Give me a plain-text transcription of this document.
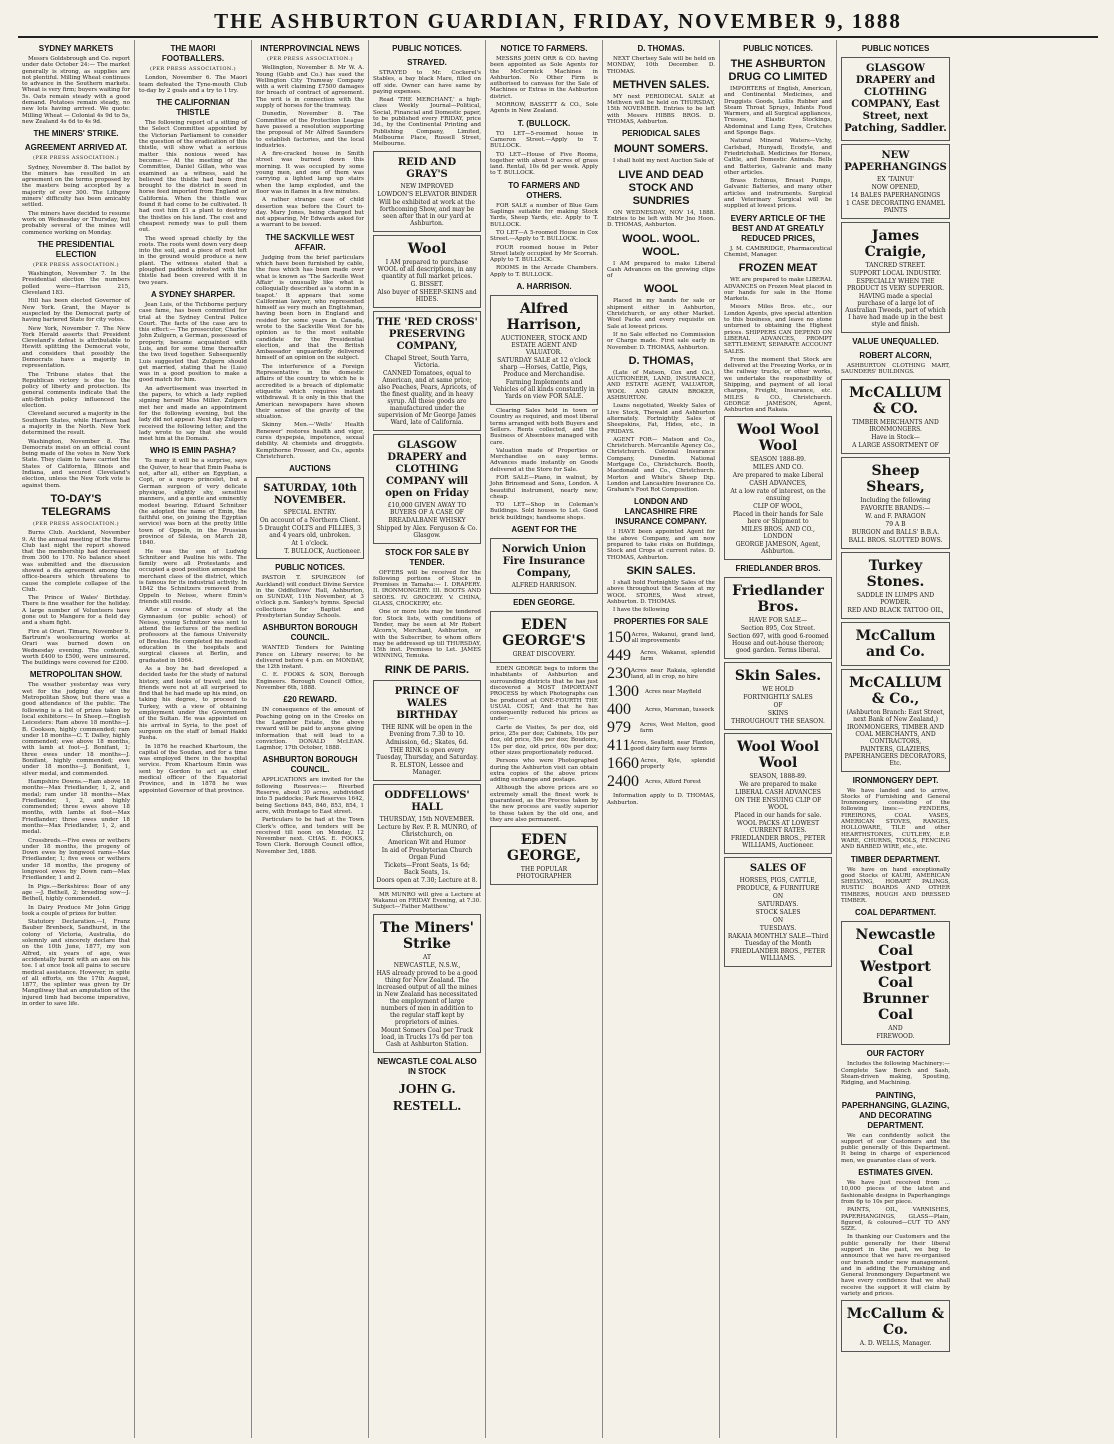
THE ASHBURTON GUARDIAN, FRIDAY, NOVEMBER 9, 1888
SYDNEY MARKETS

Messrs Goldsbrough and Co. report under date October 24:— The market generally is strong, as supplies are not plentiful. Milling Wheat continues to advance in the Southern markets. Wheat is very firm; buyers waiting for 5s. Oats remain steady with a good demand. Potatoes remain steady, no new lots having arrived. We quote: Milling Wheat — Colonial 4s 9d to 5s, new Zealand 4s 6d to 4s 9d.

THE MINERS' STRIKE.
AGREEMENT ARRIVED AT.
(PER PRESS ASSOCIATION.)

Sydney, November 8. The ballot by the miners has resulted in an agreement on the terms proposed by the masters being accepted by a majority of over 300. The Lithgow miners' difficulty has been amicably settled.

The miners have decided to resume work on Wednesday or Thursday, but probably several of the mines will commence working on Monday.

THE PRESIDENTIAL ELECTION
(PER PRESS ASSOCIATION.)

Washington, November 7. In the Presidential election the numbers polled were—Harrison 215, Cleveland 183.

Hill has been elected Governor of New York. Grant, the Mayor is suspected by the Democrat party of having bartered State for city votes.

New York, November 7. The New York Herald asserts that President Cleveland's defeat is attributable to Hewitt splitting the Democrat vote, and considers that possibly the Democrats have a majority in representation.

The Tribune states that the Republican victory is due to the policy of liberty and protection. Its general comments indicate that the anti-British policy influenced the election.

Cleveland secured a majority in the Southern States, while Harrison had a majority in the North. New York determined the result.

Washington, November 8. The Democrats insist on an official count being made of the votes in New York State. They claim to have carried the States of California, Illinois and Indiana, and secured Cleveland's election, unless the New York vote is against them.

TO-DAY'S TELEGRAMS
(PER PRESS ASSOCIATION.)

Burns Club. Auckland, November 9. At the annual meeting of the Burns Club last night the report showed that the membership had decreased from 300 to 170. No balance sheet was submitted and the discussion showed a dis agreement among the office-bearers which threatens to cause the complete collapse of the Club.

The Prince of Wales' Birthday. There is fine weather for the holiday. A large number of Volunteers have gone out to Mangere for a field day and a sham fight.

Fire at Orari. Timaru, November 9. Bartrum's woolscouring works at Orari was burned down on Wednesday evening. The contents, worth £400 to £500, were uninsured. The buildings were covered for £200.

METROPOLITAN SHOW.

The weather yesterday was very wet for the judging day of the Metropolitan Show, but there was a good attendance of the public. The following is a list of prizes taken by local exhibitors:— In Sheep.—English Leicesters: Ram above 18 months—J. B. Cookson, highly commended; ram under 18 months—C. T. Dalley, highly commended; ewe above 18 months, with lamb at foot—J. Bonifant, 1; three ewes under 18 months—J. Bonifant, highly commended; ewe under 18 months—J. Bonifant, 1, silver medal, and commended.

Hampshire Downs.—Ram above 18 months—Max Friedlander, 1, 2, and medal; ram under 18 months—Max Friedlander, 1, 2, and highly commended; three ewes above 18 months, with lambs at foot—Max Friedlander; three ewes under 18 months—Max Friedlander, 1, 2, and medal.

Crossbreds.—Five ewes or wethers under 18 months, the progeny of Down ewes by longwool rams—Max Friedlander, 1; five ewes or wethers under 18 months, the progeny of longwool ewes by Down ram—Max Friedlander, 1 and 2.

In Pigs.—Berkshires: Boar of any age —J. Bethell, 2; breeding sow—J. Bethell, highly commended.

In Dairy Produce Mr John Grigg took a couple of prizes for butter.

Statutory Declaration.—I, Franz Bauber Brenbeck, Sandhurst, in the colony of Victoria, Australia, do solemnly and sincerely declare that on the 10th June, 1877, my son Alfred, six years of age, was accidentally burnt with an axe on his toe. I at once took all pains to secure medical assistance. However, in spite of all efforts, on the 17th August, 1877, the splinter was given by Dr Mangiliway that an amputation of the injured limb had become imperative, in order to save life.

THE MAORI FOOTBALLERS.
(PER PRESS ASSOCIATION.)

London, November 6. The Maori team defeated the Tyne-mouth Club to-day by 2 goals and a try to 1 try.

THE CALIFORNIAN THISTLE

The following report of a sitting of the Select Committee appointed by the Victorian Parliament to consider the question of the eradication of this thistle, will show what a serious matter this noxious weed has become:— At the meeting of the Committee, Daniel Gillan, who was examined as a witness, said he believed the thistle had been first brought to the district in seed in horse feed imported from England or California. When the thistle was found it had come to be cultivated. It had cost him £1 a plant to destroy the thistles on his land. The cost and cheapest remedy was to pull them out.

The weed spread chiefly by the roots. The roots went down very deep into the soil, and a piece of root left in the ground would produce a new plant. The witness stated that a ploughed paddock infested with the thistle had been covered with it in two years.

A SYDNEY SHARPER.

Jean Luis, of the Tichborne perjury case fame, has been committed for trial at the Sydney Central Police Court. The facts of the case are to this effect:— The prosecutor, Charles John Zulgern, a German, possessed of property, became acquainted with Luis, and for some time thereafter the two lived together. Subsequently Luis suggested that Zulgern should get married, stating that he (Luis) was in a good position to make a good match for him.

An advertisement was inserted in the papers, to which a lady replied signing herself Miss Miller. Zulgern met her and made an appointment for the following evening, but the lady did not appear. Next day Zulgern received the following letter, and the lady wrote to say that she would meet him at the Domain.

WHO IS EMIN PASHA?

To many it will be a surprise, says the Quiver, to hear that Emin Pasha is not, after all, either an Egyptian, a Copt, or a negro princelet, but a German surgeon of very delicate physique, slightly shy, sensitive manners, and a gentle and eminently modest bearing. Eduard Schnitzer (he adopted the name of Emin, the faithful one, on joining the Egyptian service) was born at the pretty little town of Oppeln, in the Prussian province of Silesia, on March 28, 1840.

He was the son of Ludwig Schnitzer and Pauline his wife. The family were all Protestants and occupied a good position amongst the merchant class of the district, which is famous for its industrial activity. In 1842 the Schnitzers removed from Oppeln to Neisse, where Emin's friends still reside.

After a course of study at the Gymnasium (or public school) of Neisse, young Schnitzer was sent to attend the lectures of the medical professors at the famous University of Breslau. He completed his medical education in the hospitals and surgical classes at Berlin, and graduated in 1864.

As a boy he had developed a decided taste for the study of natural history, and looks of travel; and his friends were not at all surprised to find that he had made up his mind, on taking his degree, to proceed to Turkey, with a view of obtaining employment under the Government of the Sultan. He was appointed on his arrival in Syria, to the post of surgeon on the staff of Ismail Hakki Pasha.

In 1876 he reached Khartoum, the capital of the Soudan, and for a time was employed there in the hospital service. From Khartoum Emin was sent by Gordon to act as chief medical officer of the Equatorial Province, and in 1878 he was appointed Governor of that province.

INTERPROVINCIAL NEWS
(PER PRESS ASSOCIATION.)

Wellington, November 8. Mr W. A. Young (Gubb and Co.) has sued the Wellington City Tramway Company with a writ claiming £7500 damages for breach of contract of agreement. The writ is in connection with the supply of horses for the tramway.

Dunedin, November 8. The Committee of the Protection League have passed a resolution supporting the proposal of Mr Alfred Saunders to establish factories, and the local industries.

A fire-cracked house in Smith street was burned down this morning. It was occupied by some young men, and one of them was carrying a lighted lamp up stairs when the lamp exploded, and the floor was in flames in a few minutes.

A rather strange case of child desertion was before the Court to-day. Mary Jones, being charged but not appearing, Mr Edwards asked for a warrant to be issued.

THE SACKVILLE WEST AFFAIR.

Judging from the brief particulars which have been furnished by cable, the fuss which has been made over what is known as 'The Sackville West Affair' is unusually like what is colloquially described as 'a storm in a teapot.' It appears that some Californian lawyer, who represented himself as very much an Englishman, having been born in England and resided for some years in Canada, wrote to the Sackville West for his opinion as to the most suitable candidate for the Presidential election, and that the British Ambassador unguardedly delivered himself of an opinion on the subject.

The interference of a Foreign Representative in the domestic affairs of the country to which he is accredited is a breach of diplomatic etiquette which requires instant withdrawal. It is only in this that the American newspapers have shown their sense of the gravity of the situation.

Skinny Men.—'Wells' Health Renewer' restores health and vigor, cures dyspepsia, impotence, sexual debility. At chemists and druggists. Kempthorne Prosser, and Co., agents Christchurch.

AUCTIONS
SATURDAY, 10th NOVEMBER.
SPECIAL ENTRY.
On account of a Northern Client.
5 Draught COLTS and FILLIES, 3 and 4 years old, unbroken.
At 1 o'clock.
T. BULLOCK, Auctioneer.
PUBLIC NOTICES.

PASTOR T. SPURGEON (of Auckland) will conduct Divine Service in the Oddfellows' Hall, Ashburton, on SUNDAY, 11th November, at 3 o'clock p.m. Sankey's hymns. Special collections for Baptist and Presbyterian Sunday Schools.

ASHBURTON BOROUGH COUNCIL.

WANTED Tenders for Painting Fence on Library reserve; to be delivered before 4 p.m. on MONDAY, the 12th instant.

C. E. FOOKS & SON, Borough Engineers. Borough Council Office, November 6th, 1888.

£20 REWARD.

IN consequence of the amount of Poaching going on in the Creeks on the Lagmhor Estate, the above reward will be paid to anyone giving information that will lead to a conviction. DONALD McLEAN. Lagmhor, 17th October, 1888.

ASHBURTON BOROUGH COUNCIL.

APPLICATIONS are invited for the following Reserves:— Riverbed Reserve, about 30 acres, subdivided into 5 paddocks; Park Reserves 1642, being Sections 845, 846, 853, 854, 1 acre, with frontage to East street.

Particulars to be had at the Town Clerk's office, and tenders will be received till noon on Monday, 12 November next. CHAS. E. FOOKS, Town Clerk. Borough Council office, November 3rd, 1888.

PUBLIC NOTICES.
STRAYED.

STRAYED to Mr. Cockerel's Stables, a bay black Mare, filled on off side. Owner can have same by paying expenses.

Read 'THE MERCHANT,' a high-class Weekly Journal—Political, Social, Financial and Domestic paper, to be published every FRIDAY, price 3d., by the Continental Printing and Publishing Company, Limited, Melbourne Place, Russell Street, Melbourne.

REID AND GRAY'S
NEW IMPROVED
LOWDON'S ELEVATOR BINDER
Will be exhibited at work at the forthcoming Show, and may be seen after that in our yard at Ashburton.
Wool
I AM prepared to purchase WOOL of all descriptions, in any quantity at full market prices.
G. BISSET.
Also buyer of SHEEP-SKINS and HIDES.
THE 'RED CROSS' PRESERVING COMPANY,
Chapel Street, South Yarra, Victoria.
CANNED Tomatoes, equal to American, and at same price; also Peaches, Pears, Apricots, of the finest quality, and in heavy syrup. All these goods are manufactured under the supervision of Mr George James Ward, late of California.
GLASGOW DRAPERY and CLOTHING COMPANY will open on Friday
£10,000 GIVEN AWAY TO BUYERS OF A CASE OF
BREADALBANE WHISKY
Shipped by Alex. Ferguson & Co. Glasgow.
STOCK FOR SALE BY TENDER.

OFFERS will be received for the following portions of Stock in Premises in Tamaha:— I. DRAPERY. II. IRONMONGERY. III. BOOTS AND SHOES. IV. GROCERY. V. CHINA, GLASS, CROCKERY, etc.

One or more lots may be tendered for. Stock lists, with conditions of Tender, may be seen at Mr Robert Alcorn's, Merchant, Ashburton, or with the Subscriber, to whom offers may be addressed up till THURSDAY, 15th inst. Premises to Let. JAMES WINNING, Temuka.

RINK DE PARIS.
PRINCE OF WALES BIRTHDAY
THE RINK will be open in the Evening from 7.30 to 10.
Admission, 6d.; Skates, 6d.
THE RINK is open every Tuesday, Thursday, and Saturday.
R. ELSTON, Lessee and Manager.
ODDFELLOWS' HALL
THURSDAY, 15th NOVEMBER.
Lecture by Rev. P. R. MUNRO, of Christchurch, on
American Wit and Humor
In aid of Presbyterian Church Organ Fund
Tickets—Front Seats, 1s 6d; Back Seats, 1s.
Doors open at 7.30; Lecture at 8.

MR MUNRO will give a Lecture at Wakanui on FRIDAY Evening, at 7.30. Subject—'Father Matthew.'

The Miners' Strike
AT
NEWCASTLE, N.S.W.,
HAS already proved to be a good thing for New Zealand. The increased output of all the mines in New Zealand has necessitated the employment of large numbers of men in addition to the regular staff kept by proprietors of mines.
Mount Somers Coal per Truck load, in Trucks 17s 6d per ton Cash at Ashburton Station.
NEWCASTLE COAL ALSO IN STOCK
JOHN G. RESTELL.
NOTICE TO FARMERS.

MESSRS JOHN ORR & CO. having been appointed as Sole Agents for the McCormick Machines in Ashburton. No Other Firm is authorised to canvass for the Sale of Machines or Extras in the Ashburton district.

MORROW, BASSETT & CO., Sole Agents in New Zealand.

T. (BULLOCK.

TO LET—5-roomed house in Cameron Street.—Apply to T. BULLOCK.

TO LET—House of Five Rooms, together with about 9 acres of grass land. Rental, 10s 6d per week. Apply to T. BULLOCK.

TO FARMERS AND OTHERS.

FOR SALE a number of Blue Gum Saplings suitable for making Stock Yards, Sheep Yards, etc. Apply to T. BULLOCK.

TO LET—A 5-roomed House in Cox Street.—Apply to T. BULLOCK.

FOUR roomed house in Peter Street lately occupied by Mr Scorrah. Apply to T. BULLOCK.

ROOMS in the Arcade Chambers. Apply to T. BULLOCK.

A. HARRISON.
Alfred Harrison,
AUCTIONEER, STOCK AND ESTATE AGENT AND VALUATOR.
SATURDAY SALE at 12 o'clock sharp —Horses, Cattle, Pigs, Produce and Merchandise.
Farming Implements and Vehicles of all kinds constantly in Yards on view FOR SALE.

Clearing Sales held in town or Country as required, and most liberal terms arranged with both Buyers and Sellers. Rents collected, and the Business of Absentees managed with care.

Valuation made of Properties or Merchandise on easy terms. Advances made instantly on Goods delivered at the Store for Sale.

FOR SALE—Piano, in walnut, by John Brinsmead and Sons, London. A beautiful instrument, nearly new; cheap.

TO LET—Shop in Coleman's Buildings. Sold houses to Let. Good brick buildings; handsome shops.

AGENT FOR THE
Norwich Union Fire Insurance Company,
ALFRED HARRISON.
EDEN GEORGE.
EDEN GEORGE'S
GREAT DISCOVERY.

EDEN GEORGE begs to inform the inhabitants of Ashburton and surrounding districts that he has just discovered a MOST IMPORTANT PROCESS by which Photographs can be produced at ONE-FOURTH THE USUAL COST, And that he has consequently reduced his prices as under:—

Carte de Visites, 5s per doz, old price, 25s per doz; Cabinets, 10s per doz, old price, 50s per doz; Boudoirs, 15s per doz, old price, 60s per doz; other sizes proportionately reduced.

Persons who were Photographed during the Ashburton visit can obtain extra copies of the above prices adding exchange and postage.

Although the above prices are so extremely small the finest work is guaranteed, as the Process taken by the new process are vastly superior to those taken by the old one, and they are also permanent.

EDEN GEORGE,
THE POPULAR PHOTOGRAPHER
D. THOMAS.

NEXT Chertsey Sale will be held on MONDAY, 10th December. D. THOMAS.

METHVEN SALES.

MY next PERIODICAL SALE at Methven will be held on THURSDAY, 15th NOVEMBER. Entries to be left with Messrs HIBBS BROS. D. THOMAS, Ashburton.

PERIODICAL SALES
MOUNT SOMERS.

I shall hold my next Auction Sale of

LIVE AND DEAD STOCK AND SUNDRIES

ON WEDNESDAY, NOV 14, 1888. Entries to be left with Mr Jno Hoon. D. THOMAS, Ashburton.

WOOL. WOOL. WOOL.

I AM prepared to make Liberal Cash Advances on the growing clips of

WOOL

Placed in my hands for sale or shipment either in Ashburton, Christchurch, or any other Market. Wool Packs and every requisite on Sale at lowest prices.

If no Sale effected no Commission or Charge made. First sale early in November. D. THOMAS, Ashburton.

D. THOMAS,

(Late of Matson, Cox and Co.), AUCTIONEER, LAND, INSURANCE, AND ESTATE AGENT, VALUATOR, WOOL AND GRAIN BROKER, ASHBURTON.

Loans negotiated, Weekly Sales of Live Stock, Thewald and Ashburton alternately. Fortnightly Sales of Sheepskins, Fat, Hides, etc., in FRIDAYS.

AGENT FOR— Matson and Co., Christchurch. Mercantile Agency Co., Christchurch. Colonial Insurance Company, Dunedin. National Mortgage Co., Christchurch. Booth, Macdonald and Co., Christchurch. Morton and White's Sheep Dip. London and Lancashire Insurance Co. Graham's Foot Rot Composition.

LONDON AND LANCASHIRE FIRE INSURANCE COMPANY.

I HAVE been appointed Agent for the above Company, and am now prepared to take risks on Buildings, Stock and Crops at current rates. D. THOMAS, Ashburton.

SKIN SALES.

I shall hold Fortnightly Sales of the above throughout the Season at my WOOL STORES, West street, Ashburton. D. THOMAS.

I have the following

PROPERTIES FOR SALE
150 Acres, Wakanui, grand land, all improvements
449	Acres, Wakanui, splendid farm
230 Acres near Rakaia, splendid land, all in crop, no hire
1300	Acres near Mayfield
400	Acres, Maronan, tussock
979	Acres, West Melton, good farm
411 Acres, Seafield, near Flaxton, good dairy farm easy terms
1660 Acres, Kyle, splendid property
2400	Acres, Alford Forest

Information apply to D. THOMAS, Ashburton.

PUBLIC NOTICES.
THE ASHBURTON DRUG CO LIMITED

IMPORTERS of English, American, and Continental Medicines, and Druggists Goods, Lollis Rubber and Steam Throat Sprays, Infants Food Warmers, and all Surgical appliances, Trusses, Elastic Stockings, Abdominal and Lung Eyes, Crutches and Sponge Bags.

Natural Mineral Waters—Vichy, Carlsbad, Hunyadi, Ecodyle, and Friedrichshall. Medicines for Horses, Cattle, and Domestic Animals. Bells and Batteries, Galvanic and many other articles.

Brass Echinus, Breast Pumps, Galvanic Batteries, and many other articles and instruments. Surgical and Veterinary Surgical will be supplied at lowest prices.

EVERY ARTICLE OF THE BEST AND AT GREATLY REDUCED PRICES,

J. M. CAMBRIDGE, Pharmaceutical Chemist, Manager.

FROZEN MEAT

WE are prepared to make LIBERAL ADVANCES on Frozen Meat placed in our hands for sale in the Home Markets.

Messrs Miles Bros. etc., our London Agents, give special attention to this business, and leave no stone unturned to obtaining the Highest prices. SHIPPERS CAN DEPEND ON LIBERAL ADVANCES, PROMPT SETTLEMENT, SEPARATE ACCOUNT SALES.

From the moment that Stock are delivered at the Freezing Works, or in the railway trucks, or other works, we undertake the responsibility of Shipping, and payment of all local charges, Freight, Insurance, etc. MILES & CO., Christchurch. GEORGE JAMESON, Agent, Ashburton and Rakaia.

Wool Wool Wool
SEASON 1888-89.
MILES AND CO.
Are prepared to make Liberal
CASH ADVANCES,
At a low rate of interest, on the ensuing
CLIP OF WOOL,
Placed in their hands for Sale here or Shipment to
MILES BROS. AND CO., LONDON
GEORGE JAMESON, Agent, Ashburton.
FRIEDLANDER BROS.
Friedlander Bros.
HAVE FOR SALE—
Section 895, Cox Street.
Section 697, with good 6-roomed House and out-house thereon; good garden. Terms liberal.
Skin Sales.
WE HOLD
FORTNIGHTLY SALES
OF
SKINS
THROUGHOUT THE SEASON.
Wool Wool Wool
SEASON, 1888-89.
We are prepared to make
LIBERAL CASH ADVANCES
ON THE ENSUING CLIP OF WOOL
Placed in our hands for sale.
WOOL PACKS AT LOWEST CURRENT RATES.
FRIEDLANDER BROS., PETER WILLIAMS, Auctioneer.
SALES OF
HORSES, PIGS, CATTLE,
PRODUCE, & FURNITURE
ON
SATURDAYS.
STOCK SALES
ON
TUESDAYS.
RAKAIA MONTHLY SALE—Third Tuesday of the Month
FRIEDLANDER BROS., PETER WILLIAMS.
PUBLIC NOTICES
GLASGOW DRAPERY and CLOTHING COMPANY, East Street, next Patching, Saddler.
NEW PAPERHANGINGS
EX 'TAINUI'
NOW OPENED,
14 BALES PAPERHANGINGS
1 CASE DECORATING ENAMEL PAINTS
James Craigie,
TANCRED STREET.
SUPPORT LOCAL INDUSTRY.
ESPECIALLY WHEN THE PRODUCT IS VERY SUPERIOR.
HAVING made a special purchase of a large lot of Australian Tweeds, part of which I have had made up in the best style and finish.
VALUE UNEQUALLED.
ROBERT ALCORN,

ASHBURTON CLOTHING MART, SAUNDERS' BUILDINGS.

McCALLUM & CO.
TIMBER MERCHANTS AND IRONMONGERS.
Have in Stock—
A LARGE ASSORTMENT OF
Sheep Shears,
Including the following
FAVORITE BRANDS:—
W. and F. PARAGON
79 A B
BURGON and BALLS' B.B.A.
BALL BROS. SLOTTED BOWS.
Turkey Stones.
SADDLE IN LUMPS AND POWDER.
RED AND BLACK TATTOO OIL,
McCallum and Co.
McCALLUM & Co.,
(Ashburton Branch: East Street, next Bank of New Zealand,)
IRONMONGERS, TIMBER AND COAL MERCHANTS, AND CONTRACTORS,
PAINTERS, GLAZIERS, PAPERHANGERS DECORATORS, Etc.
IRONMONGERY DEPT.

We have landed and to arrive, Stocks of Furnishing and General Ironmongery, consisting of the following lines:— FENDERS, FIREIRONS, COAL VASES, AMERICAN STOVES, RANGES, HOLLOWARE, TILE and other HEARTHSTONES, CUTLERY, E.P. WARE, CHURNS, TOOLS, FENCING AND BARBED WIRE, etc., etc.

TIMBER DEPARTMENT.

We have on hand exceptionally good Stocks of KAURI, AMERICAN SHELVING, HOBART PALINGS, RUSTIC BOARDS AND OTHER TIMBERS, ROUGH AND DRESSED TIMBER.

COAL DEPARTMENT.
Newcastle Coal Westport Coal Brunner Coal
AND
FIREWOOD.
OUR FACTORY

Includes the following Machinery:— Complete Saw Bench and Sash, Steam-driven making, Spouting, Ridging, and Machining.

PAINTING, PAPERHANGING, GLAZING, AND DECORATING DEPARTMENT.

We can confidently solicit the support of our Customers and the public generally of this Department. It being in charge of experienced men, we guarantee class of work.

ESTIMATES GIVEN.

We have just received from ... 10,000 pieces of the latest and fashionable designs in Paperhangings from 6p to 10s per piece.

PAINTS, OIL, VARNISHES, PAPERHANGINGS, GLASS—Plain, figured, & coloured—CUT TO ANY SIZE.

In thanking our Customers and the public generally for their liberal support in the past, we beg to announce that we have re-organised our branch under new management, and in adding the Furnishing and General Ironmongery Department we have every confidence that we shall receive the support it will claim by variety and prices.

McCallum & Co.
A. D. WELLS, Manager.
